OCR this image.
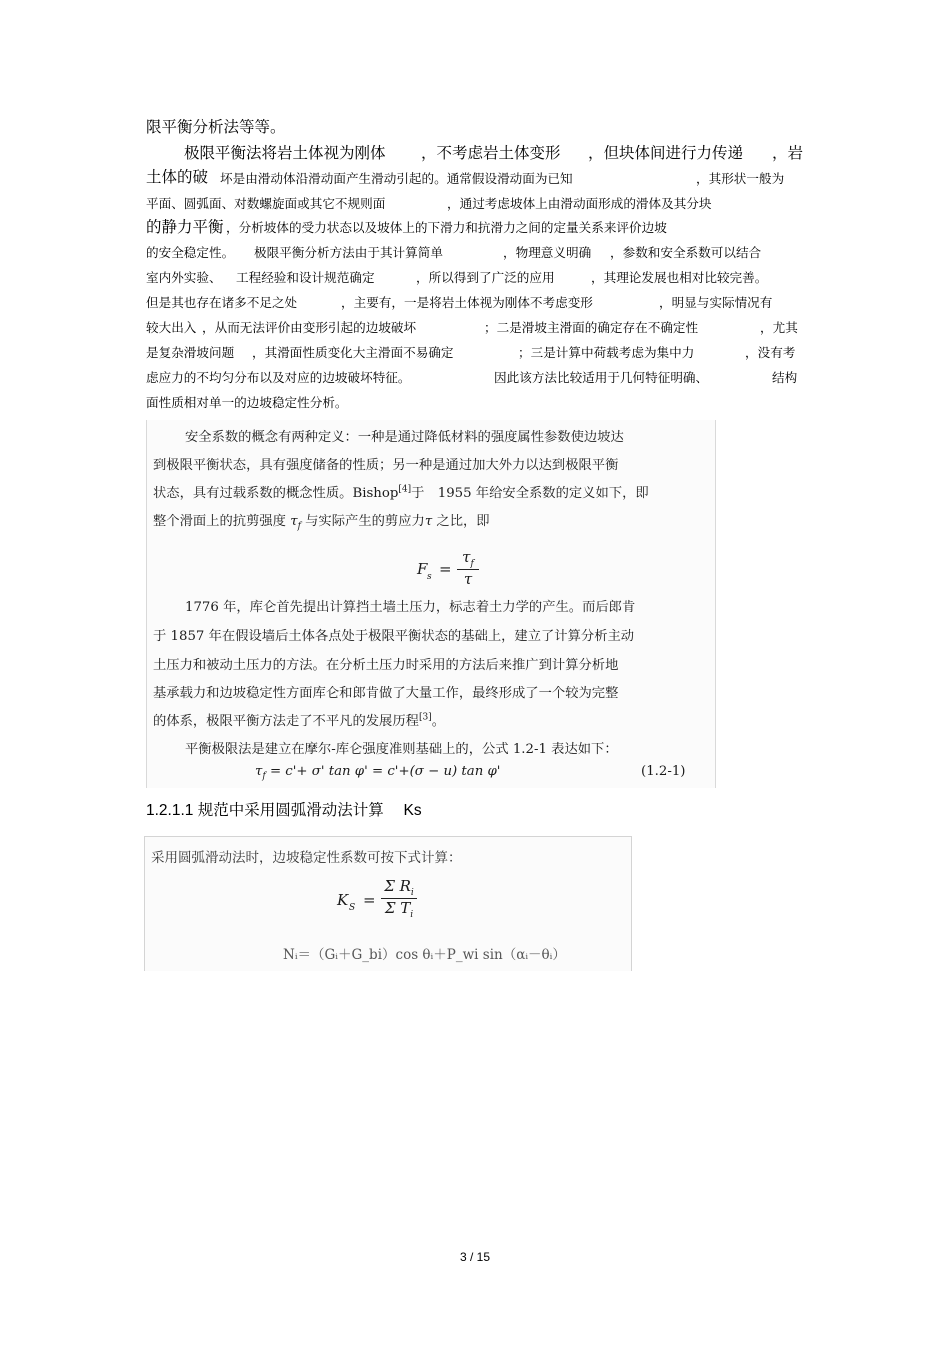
限平衡分析法等等。
极限平衡法将岩土体视为刚体 ，不考虑岩土体变形 ，但块体间进行力传递 ，岩
土体的破 坏是由滑动体沿滑动面产生滑动引起的。通常假设滑动面为已知	，其形状一般为
平面、圆弧面、对数螺旋面或其它不规则面	，通过考虑坡体上由滑动面形成的滑体及其分块
的静力平衡 ，分析坡体的受力状态以及坡体上的下滑力和抗滑力之间的定量关系来评价边坡
的安全稳定性。 极限平衡分析方法由于其计算简单	，物理意义明确 ，参数和安全系数可以结合
室内外实验、 工程经验和设计规范确定	，所以得到了广泛的应用	，其理论发展也相对比较完善。
但是其也存在诸多不足之处	，主要有，一是将岩土体视为刚体不考虑变形	，明显与实际情况有
较大出入 ，从而无法评价由变形引起的边坡破坏	；二是滑坡主滑面的确定存在不确定性	，尤其
是复杂滑坡问题 ，其滑面性质变化大主滑面不易确定	；三是计算中荷载考虑为集中力	，没有考
虑应力的不均匀分布以及对应的边坡破坏特征。	因此该方法比较适用于几何特征明确、	结构
面性质相对单一的边坡稳定性分析。
安全系数的概念有两种定义：一种是通过降低材料的强度属性参数使边坡达
到极限平衡状态，具有强度储备的性质；另一种是通过加大外力以达到极限平衡
状态，具有过载系数的概念性质。Bishop[4]于　1955 年给安全系数的定义如下，即
整个滑面上的抗剪强度 $\tau_f$ 与实际产生的剪应力τ 之比，即
F s =
$\tau_f$
τ
1776 年，库仑首先提出计算挡土墙土压力，标志着土力学的产生。而后郎肯
于 1857 年在假设墙后土体各点处于极限平衡状态的基础上，建立了计算分析主动
土压力和被动土压力的方法。在分析土压力时采用的方法后来推广到计算分析地
基承载力和边坡稳定性方面库仑和郎肯做了大量工作，最终形成了一个较为完整
的体系，极限平衡方法走了不平凡的发展历程[3]。
平衡极限法是建立在摩尔-库仑强度准则基础上的，公式 1.2-1 表达如下：
$\tau_f = c'+ \sigma'$ tan φ' = c'+(σ − u) tan φ'	(1.2-1)
1.2.1.1 规范中采用圆弧滑动法计算　 Ks
采用圆弧滑动法时，边坡稳定性系数可按下式计算：
K S =
Σ $R_i$
Σ $T_i$
Nᵢ＝（Gᵢ＋G_bi）cos θᵢ＋P_wi sin（αᵢ－θᵢ）
3 / 15
